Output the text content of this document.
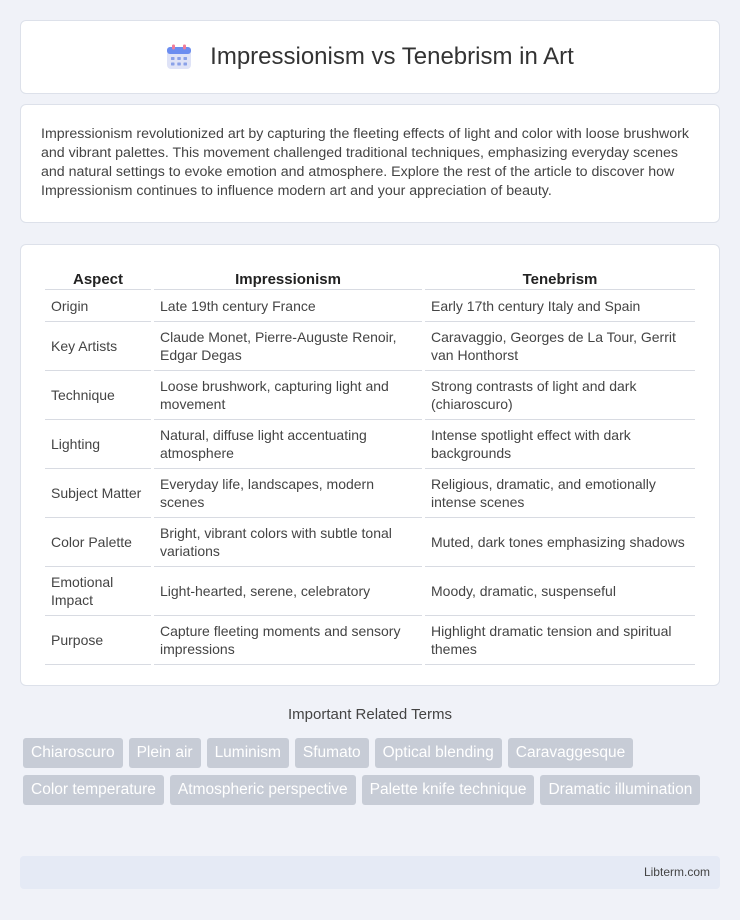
Impressionism vs Tenebrism in Art

Impressionism revolutionized art by capturing the fleeting effects of light and color with loose brushwork and vibrant palettes. This movement challenged traditional techniques, emphasizing everyday scenes and natural settings to evoke emotion and atmosphere. Explore the rest of the article to discover how Impressionism continues to influence modern art and your appreciation of beauty.

Aspect	Impressionism	Tenebrism
Origin	Late 19th century France	Early 17th century Italy and Spain
Key Artists	Claude Monet, Pierre-Auguste Renoir, Edgar Degas	Caravaggio, Georges de La Tour, Gerrit van Honthorst
Technique	Loose brushwork, capturing light and movement	Strong contrasts of light and dark (chiaroscuro)
Lighting	Natural, diffuse light accentuating atmosphere	Intense spotlight effect with dark backgrounds
Subject Matter	Everyday life, landscapes, modern scenes	Religious, dramatic, and emotionally intense scenes
Color Palette	Bright, vibrant colors with subtle tonal variations	Muted, dark tones emphasizing shadows
Emotional Impact	Light-hearted, serene, celebratory	Moody, dramatic, suspenseful
Purpose	Capture fleeting moments and sensory impressions	Highlight dramatic tension and spiritual themes
Important Related Terms
Chiaroscuro	Plein air	Luminism	Sfumato	Optical blending	Caravaggesque
Color temperature	Atmospheric perspective	Palette knife technique	Dramatic illumination
Libterm.com
